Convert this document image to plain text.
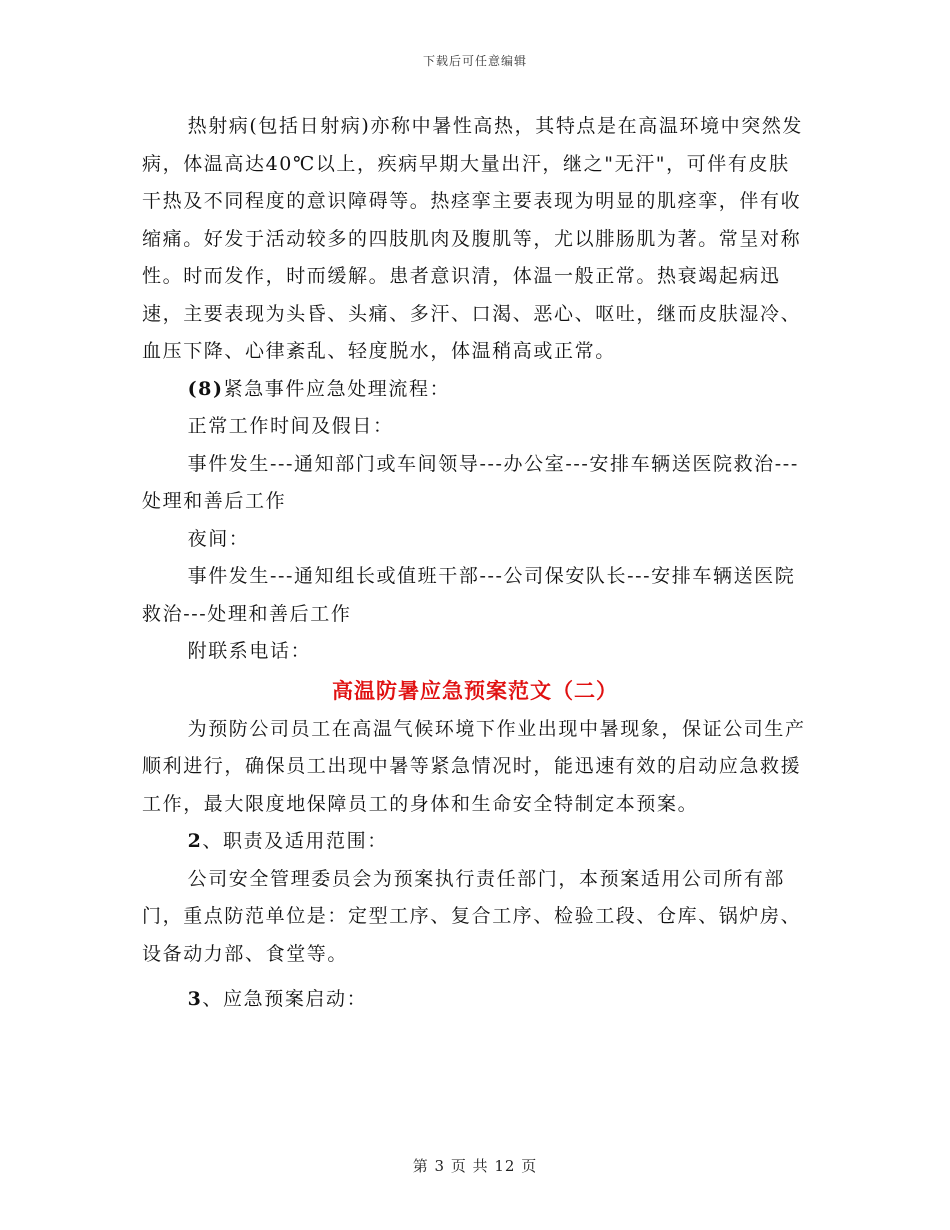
下载后可任意编辑

热射病(包括日射病)亦称中暑性高热，其特点是在高温环境中突然发病，体温高达40℃以上，疾病早期大量出汗，继之"无汗"，可伴有皮肤干热及不同程度的意识障碍等。热痉挛主要表现为明显的肌痉挛，伴有收缩痛。好发于活动较多的四肢肌肉及腹肌等，尤以腓肠肌为著。常呈对称性。时而发作，时而缓解。患者意识清，体温一般正常。热衰竭起病迅速，主要表现为头昏、头痛、多汗、口渴、恶心、呕吐，继而皮肤湿冷、血压下降、心律紊乱、轻度脱水，体温稍高或正常。

(8)紧急事件应急处理流程：

正常工作时间及假日：

事件发生---通知部门或车间领导---办公室---安排车辆送医院救治---处理和善后工作

夜间：

事件发生---通知组长或值班干部---公司保安队长---安排车辆送医院救治---处理和善后工作

附联系电话：

高温防暑应急预案范文（二）

为预防公司员工在高温气候环境下作业出现中暑现象，保证公司生产顺利进行，确保员工出现中暑等紧急情况时，能迅速有效的启动应急救援工作，最大限度地保障员工的身体和生命安全特制定本预案。

2、职责及适用范围：

公司安全管理委员会为预案执行责任部门，本预案适用公司所有部门，重点防范单位是：定型工序、复合工序、检验工段、仓库、锅炉房、设备动力部、食堂等。

3、应急预案启动：

第 3 页 共 12 页
